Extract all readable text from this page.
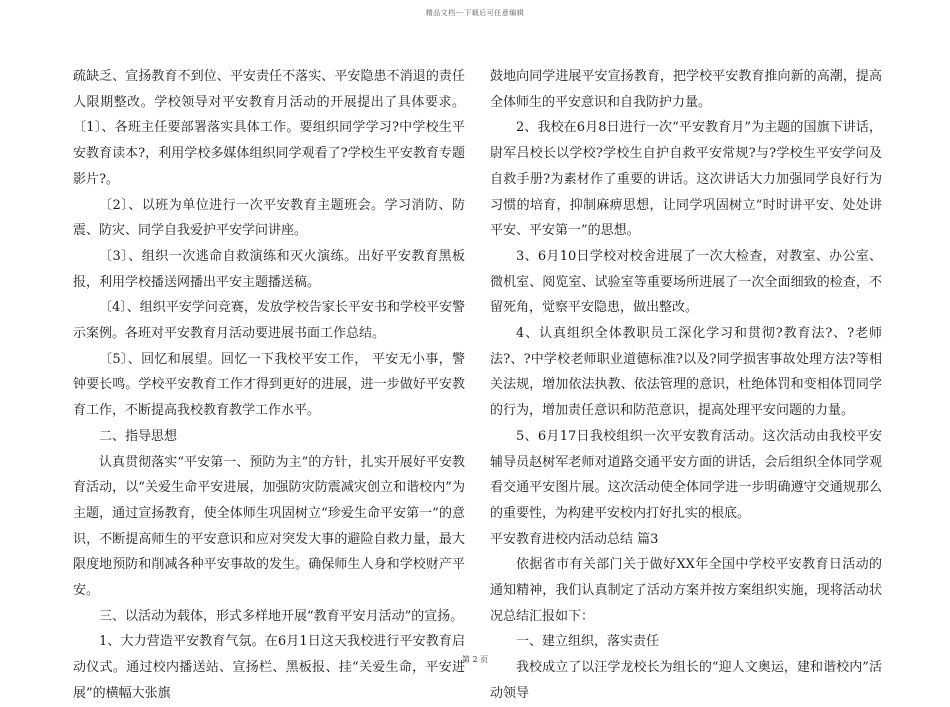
精品文档---下载后可任意编辑

疏缺乏、宣扬教育不到位、平安责任不落实、平安隐患不消退的责任人限期整改。学校领导对平安教育月活动的开展提出了具体要求。〔1〕、各班主任要部署落实具体工作。要组织同学学习?中学校生平安教育读本?，利用学校多媒体组织同学观看了?学校生平安教育专题影片?。

〔2〕、以班为单位进行一次平安教育主题班会。学习消防、防震、防灾、同学自我爱护平安学问讲座。

〔3〕、组织一次逃命自救演练和灭火演练。出好平安教育黑板报，利用学校播送网播出平安主题播送稿。

〔4〕、组织平安学问竞赛，发放学校告家长平安书和学校平安警示案例。各班对平安教育月活动要进展书面工作总结。

〔5〕、回忆和展望。回忆一下我校平安工作， 平安无小事，警钟要长鸣。学校平安教育工作才得到更好的进展，进一步做好平安教育工作，不断提高我校教育教学工作水平。

二、指导思想

认真贯彻落实“平安第一、预防为主”的方针，扎实开展好平安教育活动，以“关爱生命平安进展，加强防灾防震减灾创立和谐校内”为主题，通过宣扬教育，使全体师生巩固树立“珍爱生命平安第一”的意识，不断提高师生的平安意识和应对突发大事的避险自救力量，最大限度地预防和削减各种平安事故的发生。确保师生人身和学校财产平安。

三、以活动为载体，形式多样地开展“教育平安月活动”的宣扬。

1、大力营造平安教育气氛。在6月1日这天我校进行平安教育启动仪式。通过校内播送站、宣扬栏、黑板报、挂“关爱生命，平安进展”的横幅大张旗

鼓地向同学进展平安宣扬教育，把学校平安教育推向新的高潮，提高全体师生的平安意识和自我防护力量。

2、我校在6月8日进行一次“平安教育月”为主题的国旗下讲话，尉军吕校长以学校?学校生自护自救平安常规?与?学校生平安学问及自救手册?为素材作了重要的讲话。这次讲话大力加强同学良好行为习惯的培育，抑制麻痹思想，让同学巩固树立“时时讲平安、处处讲平安、平安第一”的思想。

3、6月10日学校对校舍进展了一次大检查，对教室、办公室、微机室、阅览室、试验室等重要场所进展了一次全面细致的检查，不留死角，觉察平安隐患，做出整改。

4、认真组织全体教职员工深化学习和贯彻?教育法?、?老师法?、?中学校老师职业道德标准?以及?同学损害事故处理方法?等相关法规，增加依法执教、依法管理的意识，杜绝体罚和变相体罚同学的行为，增加责任意识和防范意识，提高处理平安问题的力量。

5、6月17日我校组织一次平安教育活动。这次活动由我校平安辅导员赵树军老师对道路交通平安方面的讲话，会后组织全体同学观看交通平安图片展。这次活动使全体同学进一步明确遵守交通规那么的重要性，为构建平安校内打好扎实的根底。

平安教育进校内活动总结 篇3

依据省市有关部门关于做好XX年全国中学校平安教育日活动的通知精神，我们认真制定了活动方案并按方案组织实施，现将活动状况总结汇报如下：

一、建立组织，落实责任

我校成立了以汪学龙校长为组长的“迎人文奥运，建和谐校内”活动领导

第 2 页
